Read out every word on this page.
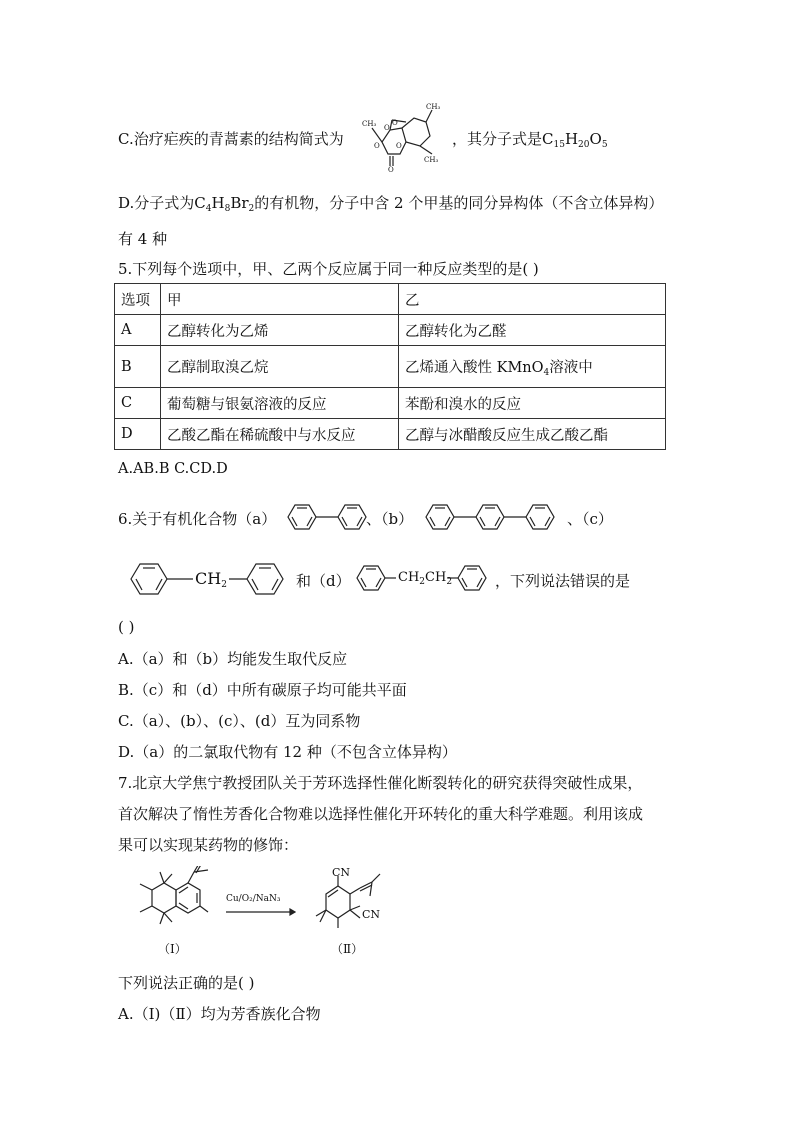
C.治疗疟疾的青蒿素的结构简式为
CH₃
CH₃ O
O
O O
O
CH₃
，其分子式是$C_{15}H_{20}O_5$
D.分子式为$C_4H_8Br_2$的有机物，分子中含 2 个甲基的同分异构体（不含立体异构）
有 4 种
5.下列每个选项中，甲、乙两个反应属于同一种反应类型的是( )
选项	甲	乙
A	乙醇转化为乙烯	乙醇转化为乙醛
B	乙醇制取溴乙烷	乙烯通入酸性 KMnO$_4$溶液中
C	葡萄糖与银氨溶液的反应	苯酚和溴水的反应
D	乙酸乙酯在稀硫酸中与水反应	乙醇与冰醋酸反应生成乙酸乙酯
A.AB.B C.CD.D
6.关于有机化合物（a）	、（b）	、（c）
$CH_2$	和（d）	$CH_2CH_2$	，下列说法错误的是
( )
A.（a）和（b）均能发生取代反应
B.（c）和（d）中所有碳原子均可能共平面
C.（a）、(b）、(c）、(d）互为同系物
D.（a）的二氯取代物有 12 种（不包含立体异构）
7.北京大学焦宁教授团队关于芳环选择性催化断裂转化的研究获得突破性成果，
首次解决了惰性芳香化合物难以选择性催化开环转化的重大科学难题。利用该成
果可以实现某药物的修饰：
（Ⅰ）
Cu/O₂/NaN₃
CN
CN
（Ⅱ）
下列说法正确的是( )
A.（Ⅰ)（Ⅱ）均为芳香族化合物
